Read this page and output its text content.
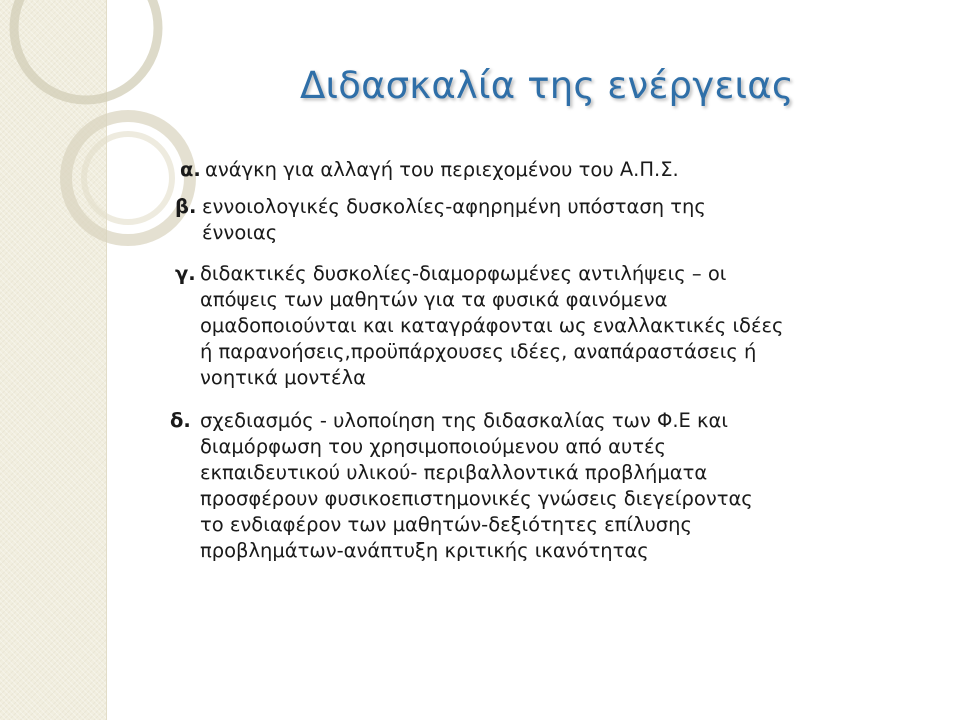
Διδασκαλία της ενέργειας
α. ανάγκη για αλλαγή του περιεχομένου του Α.Π.Σ.
β. εννοιολογικές δυσκολίες-αφηρημένη υπόσταση της
έννοιας
γ. διδακτικές δυσκολίες-διαμορφωμένες αντιλήψεις – οι
απόψεις των μαθητών για τα φυσικά φαινόμενα
ομαδοποιούνται και καταγράφονται ως εναλλακτικές ιδέες
ή παρανοήσεις,προϋπάρχουσες ιδέες, αναπάραστάσεις ή
νοητικά μοντέλα
δ. σχεδιασμός - υλοποίηση της διδασκαλίας των Φ.Ε και
διαμόρφωση του χρησιμοποιούμενου από αυτές
εκπαιδευτικού υλικού- περιβαλλοντικά προβλήματα
προσφέρουν φυσικοεπιστημονικές γνώσεις διεγείροντας
το ενδιαφέρον των μαθητών-δεξιότητες επίλυσης
προβλημάτων-ανάπτυξη κριτικής ικανότητας
